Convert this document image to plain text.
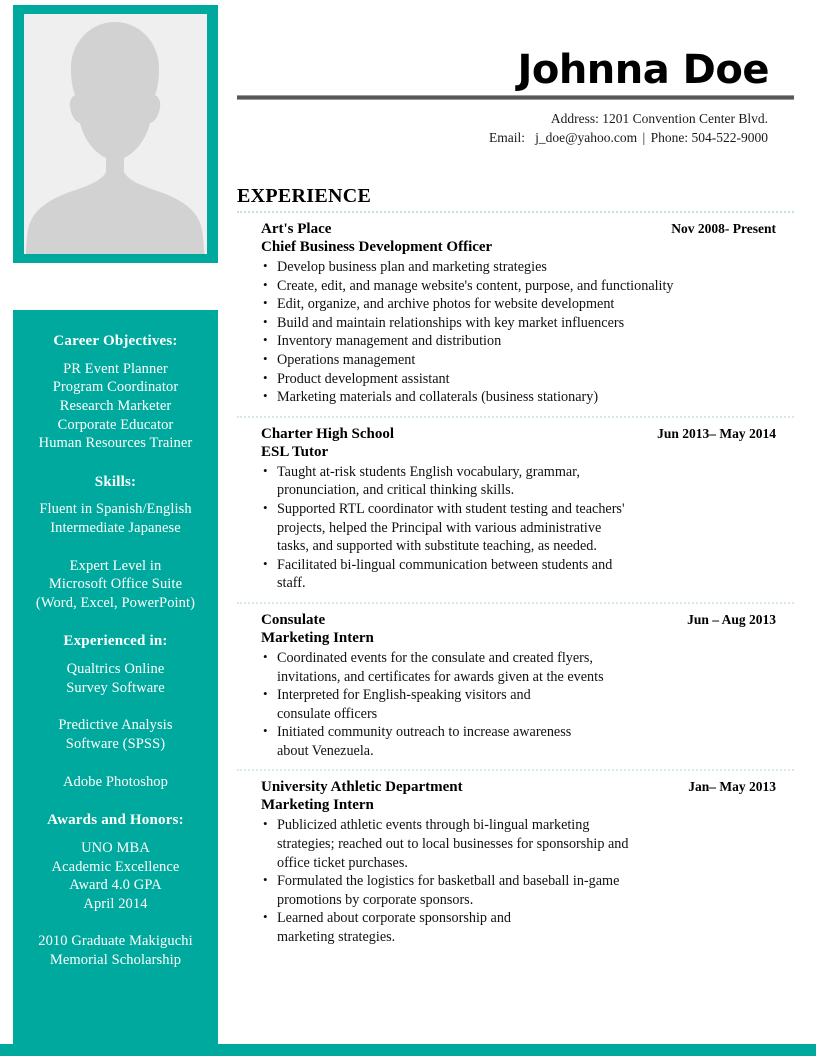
Career Objectives:
PR Event Planner
Program Coordinator
Research Marketer
Corporate Educator
Human Resources Trainer
Skills:
Fluent in Spanish/English
Intermediate Japanese
Expert Level in
Microsoft Office Suite
(Word, Excel, PowerPoint)
Experienced in:
Qualtrics Online
Survey Software
Predictive Analysis
Software (SPSS)
Adobe Photoshop
Awards and Honors:
UNO MBA
Academic Excellence
Award 4.0 GPA
April 2014
2010 Graduate Makiguchi
Memorial Scholarship
Johnna Doe
Address: 1201 Convention Center Blvd.
Email: j_doe@yahoo.com | Phone: 504-522-9000
EXPERIENCE
Art's Place	Nov 2008- Present
Chief Business Development Officer
• Develop business plan and marketing strategies
• Create, edit, and manage website's content, purpose, and functionality
• Edit, organize, and archive photos for website development
• Build and maintain relationships with key market influencers
• Inventory management and distribution
• Operations management
• Product development assistant
• Marketing materials and collaterals (business stationary)
Charter High School	Jun 2013– May 2014
ESL Tutor
• Taught at-risk students English vocabulary, grammar, pronunciation, and critical thinking skills.
• Supported RTL coordinator with student testing and teachers' projects, helped the Principal with various administrative tasks, and supported with substitute teaching, as needed.
• Facilitated bi-lingual communication between students and staff.
Consulate	Jun – Aug 2013
Marketing Intern
• Coordinated events for the consulate and created flyers, invitations, and certificates for awards given at the events
• Interpreted for English-speaking visitors and consulate officers
• Initiated community outreach to increase awareness about Venezuela.
University Athletic Department	Jan– May 2013
Marketing Intern
• Publicized athletic events through bi-lingual marketing strategies; reached out to local businesses for sponsorship and office ticket purchases.
• Formulated the logistics for basketball and baseball in-game promotions by corporate sponsors.
• Learned about corporate sponsorship and marketing strategies.
